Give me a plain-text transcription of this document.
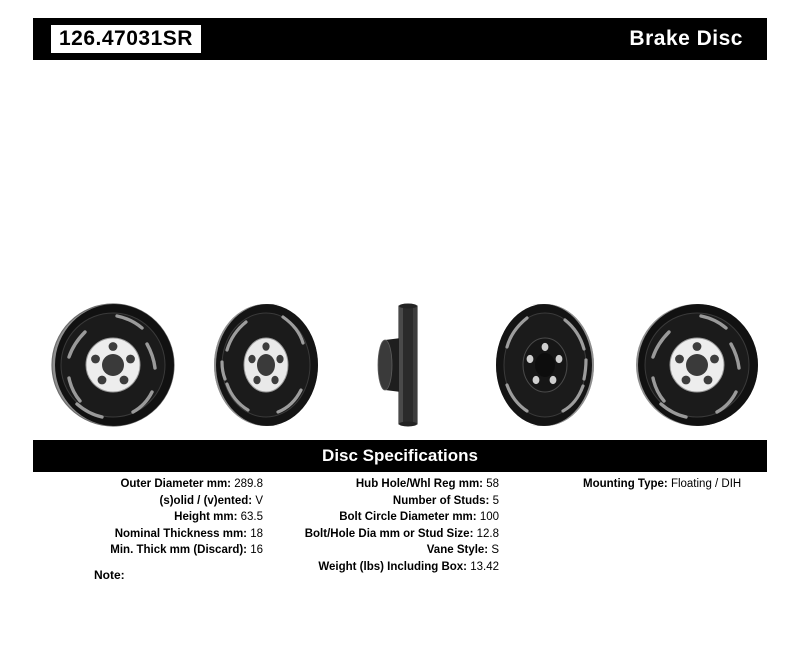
126.47031SR	Brake Disc
Disc Specifications
Outer Diameter mm: 289.8
(s)olid / (v)ented: V
Height mm: 63.5
Nominal Thickness mm: 18
Min. Thick mm (Discard): 16
Hub Hole/Whl Reg mm: 58
Number of Studs: 5
Bolt Circle Diameter mm: 100
Bolt/Hole Dia mm or Stud Size: 12.8
Vane Style: S
Weight (lbs) Including Box: 13.42
Mounting Type: Floating / DIH
Note:
